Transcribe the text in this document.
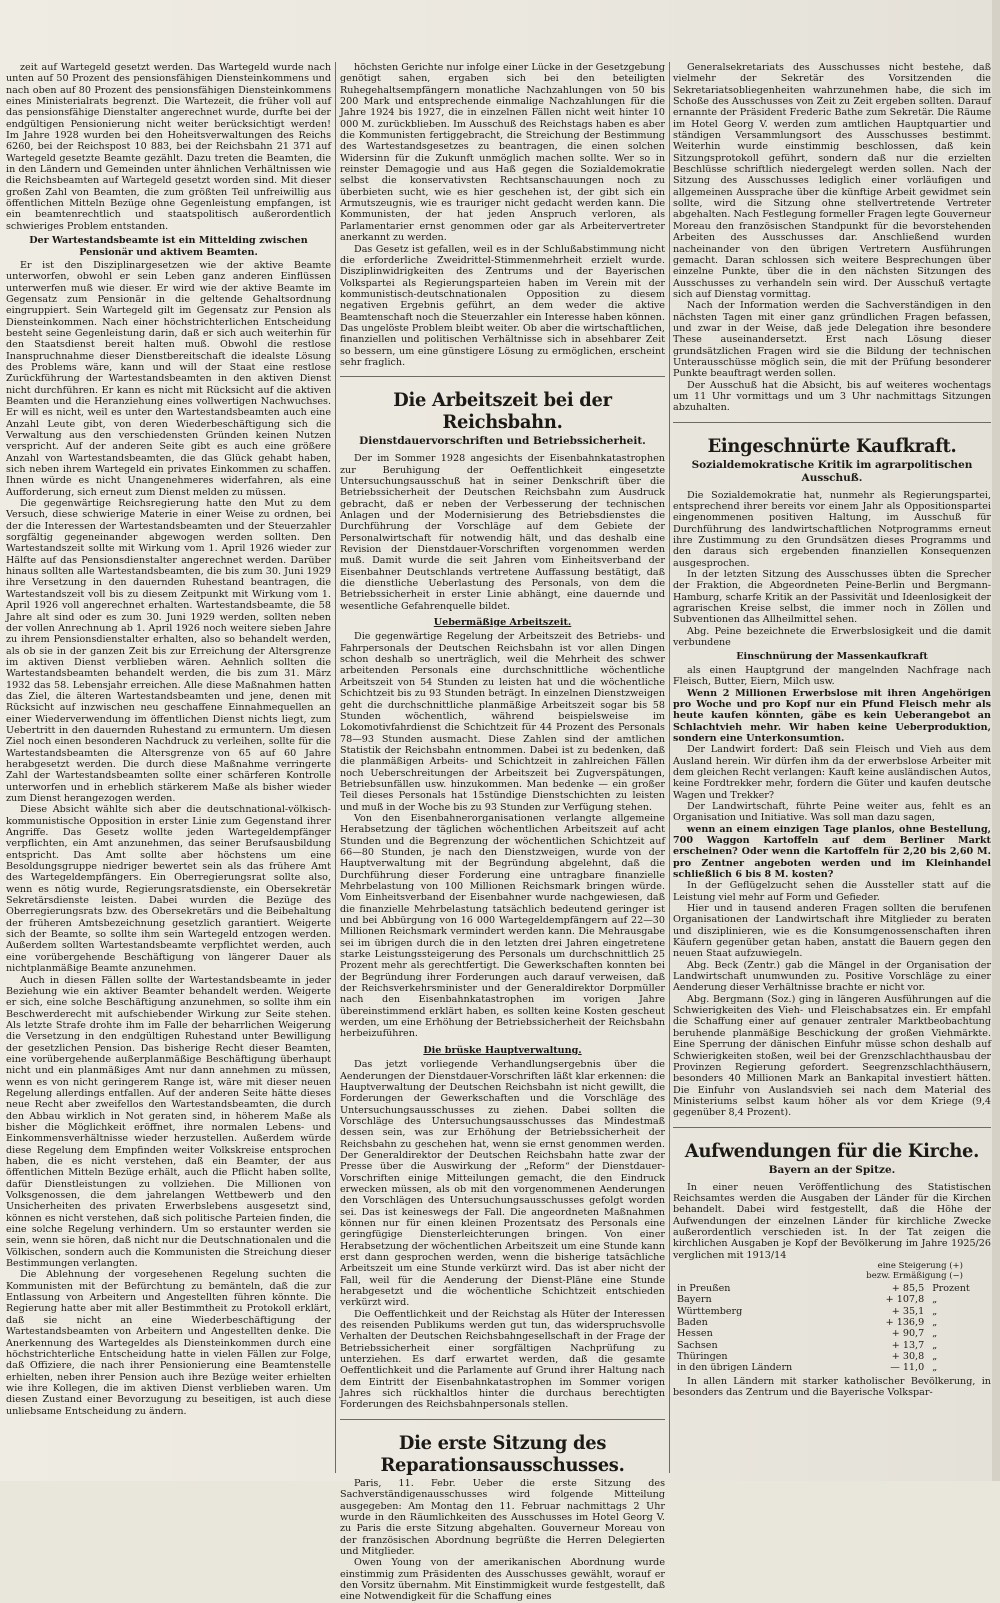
zeit auf Wartegeld gesetzt werden. Das Wartegeld wurde nach unten auf 50 Prozent des pensionsfähigen Diensteinkommens und nach oben auf 80 Prozent des pensionsfähigen Diensteinkommens eines Ministerialrats begrenzt. Die Wartezeit, die früher voll auf das pensionsfähige Dienstalter angerechnet wurde, durfte bei der endgültigen Pensionierung nicht weiter berücksichtigt werden! Im Jahre 1928 wurden bei den Hoheitsverwaltungen des Reichs 6260, bei der Reichspost 10 883, bei der Reichsbahn 21 371 auf Wartegeld gesetzte Beamte gezählt. Dazu treten die Beamten, die in den Ländern und Gemeinden unter ähnlichen Verhältnissen wie die Reichsbeamten auf Wartegeld gesetzt worden sind. Mit dieser großen Zahl von Beamten, die zum größten Teil unfreiwillig aus öffentlichen Mitteln Bezüge ohne Gegenleistung empfangen, ist ein beamtenrechtlich und staatspolitisch außerordentlich schwieriges Problem entstanden.

Der Wartestandsbeamte ist ein Mittelding zwischen Pensionär und aktivem Beamten.

Er ist den Disziplinargesetzen wie der aktive Beamte unterworfen, obwohl er sein Leben ganz anderen Einflüssen unterwerfen muß wie dieser. Er wird wie der aktive Beamte im Gegensatz zum Pensionär in die geltende Gehaltsordnung eingruppiert. Sein Wartegeld gilt im Gegensatz zur Pension als Diensteinkommen. Nach einer höchstrichterlichen Entscheidung besteht seine Gegenleistung darin, daß er sich auch weiterhin für den Staatsdienst bereit halten muß. Obwohl die restlose Inanspruchnahme dieser Dienstbereitschaft die idealste Lösung des Problems wäre, kann und will der Staat eine restlose Zurückführung der Wartestandsbeamten in den aktiven Dienst nicht durchführen. Er kann es nicht mit Rücksicht auf die aktiven Beamten und die Heranziehung eines vollwertigen Nachwuchses. Er will es nicht, weil es unter den Wartestandsbeamten auch eine Anzahl Leute gibt, von deren Wiederbeschäftigung sich die Verwaltung aus den verschiedensten Gründen keinen Nutzen verspricht. Auf der anderen Seite gibt es auch eine größere Anzahl von Wartestandsbeamten, die das Glück gehabt haben, sich neben ihrem Wartegeld ein privates Einkommen zu schaffen. Ihnen würde es nicht Unangenehmeres widerfahren, als eine Aufforderung, sich erneut zum Dienst melden zu müssen.

Die gegenwärtige Reichsregierung hatte den Mut zu dem Versuch, diese schwierige Materie in einer Weise zu ordnen, bei der die Interessen der Wartestandsbeamten und der Steuerzahler sorgfältig gegeneinander abgewogen werden sollten. Den Wartestandszeit sollte mit Wirkung vom 1. April 1926 wieder zur Hälfte auf das Pensionsdienstalter angerechnet werden. Darüber hinaus sollten alle Wartestandsbeamten, die bis zum 30. Juni 1929 ihre Versetzung in den dauernden Ruhestand beantragen, die Wartestandszeit voll bis zu diesem Zeitpunkt mit Wirkung vom 1. April 1926 voll angerechnet erhalten. Wartestandsbeamte, die 58 Jahre alt sind oder es zum 30. Juni 1929 werden, sollten neben der vollen Anrechnung ab 1. April 1926 noch weitere sieben Jahre zu ihrem Pensionsdienstalter erhalten, also so behandelt werden, als ob sie in der ganzen Zeit bis zur Erreichung der Altersgrenze im aktiven Dienst verblieben wären. Aehnlich sollten die Wartestandsbeamten behandelt werden, die bis zum 31. März 1932 das 58. Lebensjahr erreichen. Alle diese Maßnahmen hatten das Ziel, die älteren Wartestandsbeamten und jene, denen mit Rücksicht auf inzwischen neu geschaffene Einnahmequellen an einer Wiederverwendung im öffentlichen Dienst nichts liegt, zum Uebertritt in den dauernden Ruhestand zu ermuntern. Um diesen Ziel noch einen besonderen Nachdruck zu verleihen, sollte für die Wartestandsbeamten die Altersgrenze von 65 auf 60 Jahre herabgesetzt werden. Die durch diese Maßnahme verringerte Zahl der Wartestandsbeamten sollte einer schärferen Kontrolle unterworfen und in erheblich stärkerem Maße als bisher wieder zum Dienst herangezogen werden.

Diese Absicht wählte sich aber die deutschnational-völkisch-kommunistische Opposition in erster Linie zum Gegenstand ihrer Angriffe. Das Gesetz wollte jeden Wartegeldempfänger verpflichten, ein Amt anzunehmen, das seiner Berufsausbildung entspricht. Das Amt sollte aber höchstens um eine Besoldungsgruppe niedriger bewertet sein als das frühere Amt des Wartegeldempfängers. Ein Oberregierungsrat sollte also, wenn es nötig wurde, Regierungsratsdienste, ein Obersekretär Sekretärsdienste leisten. Dabei wurden die Bezüge des Oberregierungsrats bzw. des Obersekretärs und die Beibehaltung der früheren Amtsbezeichnung gesetzlich garantiert. Weigerte sich der Beamte, so sollte ihm sein Wartegeld entzogen werden. Außerdem sollten Wartestandsbeamte verpflichtet werden, auch eine vorübergehende Beschäftigung von längerer Dauer als nichtplanmäßige Beamte anzunehmen.

Auch in diesen Fällen sollte der Wartestandsbeamte in jeder Beziehung wie ein aktiver Beamter behandelt werden. Weigerte er sich, eine solche Beschäftigung anzunehmen, so sollte ihm ein Beschwerderecht mit aufschiebender Wirkung zur Seite stehen. Als letzte Strafe drohte ihm im Falle der beharrlichen Weigerung die Versetzung in den endgültigen Ruhestand unter Bewilligung der gesetzlichen Pension. Das bisherige Recht dieser Beamten, eine vorübergehende außerplanmäßige Beschäftigung überhaupt nicht und ein planmäßiges Amt nur dann annehmen zu müssen, wenn es von nicht geringerem Range ist, wäre mit dieser neuen Regelung allerdings entfallen. Auf der anderen Seite hätte dieses neue Recht aber zweifellos den Wartestandsbeamten, die durch den Abbau wirklich in Not geraten sind, in höherem Maße als bisher die Möglichkeit eröffnet, ihre normalen Lebens- und Einkommensverhältnisse wieder herzustellen. Außerdem würde diese Regelung dem Empfinden weiter Volkskreise entsprochen haben, die es nicht verstehen, daß ein Beamter, der aus öffentlichen Mitteln Bezüge erhält, auch die Pflicht haben sollte, dafür Dienstleistungen zu vollziehen. Die Millionen von Volksgenossen, die dem jahrelangen Wettbewerb und den Unsicherheiten des privaten Erwerbslebens ausgesetzt sind, können es nicht verstehen, daß sich politische Parteien finden, die eine solche Regelung verhindern. Um so erstaunter werden sie sein, wenn sie hören, daß nicht nur die Deutschnationalen und die Völkischen, sondern auch die Kommunisten die Streichung dieser Bestimmungen verlangten.

Die Ablehnung der vorgesehenen Regelung suchten die Kommunisten mit der Befürchtung zu bemänteln, daß die zur Entlassung von Arbeitern und Angestellten führen könnte. Die Regierung hatte aber mit aller Bestimmtheit zu Protokoll erklärt, daß sie nicht an eine Wiederbeschäftigung der Wartestandsbeamten von Arbeitern und Angestellten denke. Die Anerkennung des Wartegeldes als Diensteinkommen durch eine höchstrichterliche Entscheidung hatte in vielen Fällen zur Folge, daß Offiziere, die nach ihrer Pensionierung eine Beamtenstelle erhielten, neben ihrer Pension auch ihre Bezüge weiter erhielten wie ihre Kollegen, die im aktiven Dienst verblieben waren. Um diesen Zustand einer Bevorzugung zu beseitigen, ist auch diese unliebsame Entscheidung zu ändern.

höchsten Gerichte nur infolge einer Lücke in der Gesetzgebung genötigt sahen, ergaben sich bei den beteiligten Ruhegehaltsempfängern monatliche Nachzahlungen von 50 bis 200 Mark und entsprechende einmalige Nachzahlungen für die Jahre 1924 bis 1927, die in einzelnen Fällen nicht weit hinter 10 000 M. zurückblieben. Im Ausschuß des Reichstags haben es aber die Kommunisten fertiggebracht, die Streichung der Bestimmung des Wartestandsgesetzes zu beantragen, die einen solchen Widersinn für die Zukunft unmöglich machen sollte. Wer so in reinster Demagogie und aus Haß gegen die Sozialdemokratie selbst die konservativsten Rechtsanschauungen noch zu überbieten sucht, wie es hier geschehen ist, der gibt sich ein Armutszeugnis, wie es trauriger nicht gedacht werden kann. Die Kommunisten, der hat jeden Anspruch verloren, als Parlamentarier ernst genommen oder gar als Arbeitervertreter anerkannt zu werden.

Das Gesetz ist gefallen, weil es in der Schlußabstimmung nicht die erforderliche Zweidrittel-Stimmenmehrheit erzielt wurde. Disziplinwidrigkeiten des Zentrums und der Bayerischen Volkspartei als Regierungsparteien haben im Verein mit der kommunistisch-deutschnationalen Opposition zu diesem negativen Ergebnis geführt, an dem weder die aktive Beamtenschaft noch die Steuerzahler ein Interesse haben können. Das ungelöste Problem bleibt weiter. Ob aber die wirtschaftlichen, finanziellen und politischen Verhältnisse sich in absehbarer Zeit so bessern, um eine günstigere Lösung zu ermöglichen, erscheint sehr fraglich.

Die Arbeitszeit bei der Reichsbahn.
Dienstdauervorschriften und Betriebssicherheit.

Der im Sommer 1928 angesichts der Eisenbahnkatastrophen zur Beruhigung der Oeffentlichkeit eingesetzte Untersuchungsausschuß hat in seiner Denkschrift über die Betriebssicherheit der Deutschen Reichsbahn zum Ausdruck gebracht, daß er neben der Verbesserung der technischen Anlagen und der Modernisierung des Betriebsdienstes die Durchführung der Vorschläge auf dem Gebiete der Personalwirtschaft für notwendig hält, und das deshalb eine Revision der Dienstdauer-Vorschriften vorgenommen werden muß. Damit wurde die seit Jahren vom Einheitsverband der Eisenbahner Deutschlands vertretene Auffassung bestätigt, daß die dienstliche Ueberlastung des Personals, von dem die Betriebssicherheit in erster Linie abhängt, eine dauernde und wesentliche Gefahrenquelle bildet.

Uebermäßige Arbeitszeit.

Die gegenwärtige Regelung der Arbeitszeit des Betriebs- und Fahrpersonals der Deutschen Reichsbahn ist vor allen Dingen schon deshalb so unerträglich, weil die Mehrheit des schwer arbeitenden Personals eine durchschnittliche wöchentliche Arbeitszeit von 54 Stunden zu leisten hat und die wöchentliche Schichtzeit bis zu 93 Stunden beträgt. In einzelnen Dienstzweigen geht die durchschnittliche planmäßige Arbeitszeit sogar bis 58 Stunden wöchentlich, während beispielsweise im Lokomotivfahrdienst die Schichtzeit für 44 Prozent des Personals 78—93 Stunden ausmacht. Diese Zahlen sind der amtlichen Statistik der Reichsbahn entnommen. Dabei ist zu bedenken, daß die planmäßigen Arbeits- und Schichtzeit in zahlreichen Fällen noch Ueberschreitungen der Arbeitszeit bei Zugverspätungen, Betriebsunfällen usw. hinzukommen. Man bedenke — ein großer Teil dieses Personals hat 15stündige Dienstschichten zu leisten und muß in der Woche bis zu 93 Stunden zur Verfügung stehen.

Von den Eisenbahnerorganisationen verlangte allgemeine Herabsetzung der täglichen wöchentlichen Arbeitszeit auf acht Stunden und die Begrenzung der wöchentlichen Schichtzeit auf 66—80 Stunden, je nach den Dienstzweigen, wurde von der Hauptverwaltung mit der Begründung abgelehnt, daß die Durchführung dieser Forderung eine untragbare finanzielle Mehrbelastung von 100 Millionen Reichsmark bringen würde. Vom Einheitsverband der Eisenbahner wurde nachgewiesen, daß die finanzielle Mehrbelastung tatsächlich bedeutend geringer ist und bei Abbürgung von 16 000 Wartegeldempfängern auf 22—30 Millionen Reichsmark vermindert werden kann. Die Mehrausgabe sei im übrigen durch die in den letzten drei Jahren eingetretene starke Leistungssteigerung des Personals um durchschnittlich 25 Prozent mehr als gerechtfertigt. Die Gewerkschaften konnten bei der Begründung ihrer Forderungen auch darauf verweisen, daß der Reichsverkehrsminister und der Generaldirektor Dorpmüller nach den Eisenbahnkatastrophen im vorigen Jahre übereinstimmend erklärt haben, es sollten keine Kosten gescheut werden, um eine Erhöhung der Betriebssicherheit der Reichsbahn herbeizuführen.

Die brüske Hauptverwaltung.

Das jetzt vorliegende Verhandlungsergebnis über die Aenderungen der Dienstdauer-Vorschriften läßt klar erkennen: die Hauptverwaltung der Deutschen Reichsbahn ist nicht gewillt, die Forderungen der Gewerkschaften und die Vorschläge des Untersuchungsausschusses zu ziehen. Dabei sollten die Vorschläge des Untersuchungsausschusses das Mindestmaß dessen sein, was zur Erhöhung der Betriebssicherheit der Reichsbahn zu geschehen hat, wenn sie ernst genommen werden. Der Generaldirektor der Deutschen Reichsbahn hatte zwar der Presse über die Auswirkung der „Reform“ der Dienstdauer-Vorschriften einige Mitteilungen gemacht, die den Eindruck erwecken müssen, als ob mit den vorgenommenen Aenderungen den Vorschlägen des Untersuchungsausschusses gefolgt worden sei. Das ist keineswegs der Fall. Die angeordneten Maßnahmen können nur für einen kleinen Prozentsatz des Personals eine geringfügige Diensterleichterungen bringen. Von einer Herabsetzung der wöchentlichen Arbeitszeit um eine Stunde kann erst dann gesprochen werden, wenn die bisherige tatsächliche Arbeitszeit um eine Stunde verkürzt wird. Das ist aber nicht der Fall, weil für die Aenderung der Dienst-Pläne eine Stunde herabgesetzt und die wöchentliche Schichtzeit entschieden verkürzt wird.

Die Oeffentlichkeit und der Reichstag als Hüter der Interessen des reisenden Publikums werden gut tun, das widerspruchsvolle Verhalten der Deutschen Reichsbahngesellschaft in der Frage der Betriebssicherheit einer sorgfältigen Nachprüfung zu unterziehen. Es darf erwartet werden, daß die gesamte Oeffentlichkeit und die Parlamente auf Grund ihrer Haltung nach dem Eintritt der Eisenbahnkatastrophen im Sommer vorigen Jahres sich rückhaltlos hinter die durchaus berechtigten Forderungen des Reichsbahnpersonals stellen.

Die erste Sitzung des Reparationsausschusses.

Paris, 11. Febr. Ueber die erste Sitzung des Sachverständigenausschusses wird folgende Mitteilung ausgegeben: Am Montag den 11. Februar nachmittags 2 Uhr wurde in den Räumlichkeiten des Ausschusses im Hotel Georg V. zu Paris die erste Sitzung abgehalten. Gouverneur Moreau von der französischen Abordnung begrüßte die Herren Delegierten und Mitglieder.

Owen Young von der amerikanischen Abordnung wurde einstimmig zum Präsidenten des Ausschusses gewählt, worauf er den Vorsitz übernahm. Mit Einstimmigkeit wurde festgestellt, daß eine Notwendigkeit für die Schaffung eines

Generalsekretariats des Ausschusses nicht bestehe, daß vielmehr der Sekretär des Vorsitzenden die Sekretariatsobliegenheiten wahrzunehmen habe, die sich im Schoße des Ausschusses von Zeit zu Zeit ergeben sollten. Darauf ernannte der Präsident Frederic Bathe zum Sekretär. Die Räume im Hotel Georg V. werden zum amtlichen Hauptquartier und ständigen Versammlungsort des Ausschusses bestimmt. Weiterhin wurde einstimmig beschlossen, daß kein Sitzungsprotokoll geführt, sondern daß nur die erzielten Beschlüsse schriftlich niedergelegt werden sollen. Nach der Sitzung des Ausschusses lediglich einer vorläufigen und allgemeinen Aussprache über die künftige Arbeit gewidmet sein sollte, wird die Sitzung ohne stellvertretende Vertreter abgehalten. Nach Festlegung formeller Fragen legte Gouverneur Moreau den französischen Standpunkt für die bevorstehenden Arbeiten des Ausschusses dar. Anschließend wurden nacheinander von den übrigen Vertretern Ausführungen gemacht. Daran schlossen sich weitere Besprechungen über einzelne Punkte, über die in den nächsten Sitzungen des Ausschusses zu verhandeln sein wird. Der Ausschuß vertagte sich auf Dienstag vormittag.

Nach der Information werden die Sachverständigen in den nächsten Tagen mit einer ganz gründlichen Fragen befassen, und zwar in der Weise, daß jede Delegation ihre besondere These auseinandersetzt. Erst nach Lösung dieser grundsätzlichen Fragen wird sie die Bildung der technischen Unterausschüsse möglich sein, die mit der Prüfung besonderer Punkte beauftragt werden sollen.

Der Ausschuß hat die Absicht, bis auf weiteres wochentags um 11 Uhr vormittags und um 3 Uhr nachmittags Sitzungen abzuhalten.

Eingeschnürte Kaufkraft.
Sozialdemokratische Kritik im agrarpolitischen Ausschuß.

Die Sozialdemokratie hat, nunmehr als Regierungspartei, entsprechend ihrer bereits vor einem Jahr als Oppositionspartei eingenommenen positiven Haltung, im Ausschuß für Durchführung des landwirtschaftlichen Notprogramms erneut ihre Zustimmung zu den Grundsätzen dieses Programms und den daraus sich ergebenden finanziellen Konsequenzen ausgesprochen.

In der letzten Sitzung des Ausschusses übten die Sprecher der Fraktion, die Abgeordneten Peine-Berlin und Bergmann-Hamburg, scharfe Kritik an der Passivität und Ideenlosigkeit der agrarischen Kreise selbst, die immer noch in Zöllen und Subventionen das Allheilmittel sehen.

Abg. Peine bezeichnete die Erwerbslosigkeit und die damit verbundene

Einschnürung der Massenkaufkraft

als einen Hauptgrund der mangelnden Nachfrage nach Fleisch, Butter, Eiern, Milch usw.

Wenn 2 Millionen Erwerbslose mit ihren Angehörigen pro Woche und pro Kopf nur ein Pfund Fleisch mehr als heute kaufen könnten, gäbe es kein Ueberangebot an Schlachtvieh mehr. Wir haben keine Ueberproduktion, sondern eine Unterkonsumtion.

Der Landwirt fordert: Daß sein Fleisch und Vieh aus dem Ausland herein. Wir dürfen ihm da der erwerbslose Arbeiter mit dem gleichen Recht verlangen: Kauft keine ausländischen Autos, keine Fordtrekker mehr, fordern die Güter und kaufen deutsche Wagen und Trekker?

Der Landwirtschaft, führte Peine weiter aus, fehlt es an Organisation und Initiative. Was soll man dazu sagen,

wenn an einem einzigen Tage planlos, ohne Bestellung, 700 Waggon Kartoffeln auf dem Berliner Markt erscheinen? Oder wenn die Kartoffeln für 2,20 bis 2,60 M. pro Zentner angeboten werden und im Kleinhandel schließlich 6 bis 8 M. kosten?

In der Geflügelzucht sehen die Aussteller statt auf die Leistung viel mehr auf Form und Gefieder.

Hier und in tausend anderen Fragen sollten die berufenen Organisationen der Landwirtschaft ihre Mitglieder zu beraten und disziplinieren, wie es die Konsumgenossenschaften ihren Käufern gegenüber getan haben, anstatt die Bauern gegen den neuen Staat aufzuwiegeln.

Abg. Beck (Zentr.) gab die Mängel in der Organisation der Landwirtschaft unumwunden zu. Positive Vorschläge zu einer Aenderung dieser Verhältnisse brachte er nicht vor.

Abg. Bergmann (Soz.) ging in längeren Ausführungen auf die Schwierigkeiten des Vieh- und Fleischabsatzes ein. Er empfahl die Schaffung einer auf genauer zentraler Marktbeobachtung beruhende planmäßige Beschickung der großen Viehmärkte. Eine Sperrung der dänischen Einfuhr müsse schon deshalb auf Schwierigkeiten stoßen, weil bei der Grenzschlachthausbau der Provinzen Regierung gefordert. Seegrenzschlachthäusern, besonders 40 Millionen Mark an Bankapital investiert hätten. Die Einfuhr von Auslandsvieh sei nach dem Material des Ministeriums selbst kaum höher als vor dem Kriege (9,4 gegenüber 8,4 Prozent).

Aufwendungen für die Kirche.
Bayern an der Spitze.

In einer neuen Veröffentlichung des Statistischen Reichsamtes werden die Ausgaben der Länder für die Kirchen behandelt. Dabei wird festgestellt, daß die Höhe der Aufwendungen der einzelnen Länder für kirchliche Zwecke außerordentlich verschieden ist. In der Tat zeigen die kirchlichen Ausgaben je Kopf der Bevölkerung im Jahre 1925/26 verglichen mit 1913/14

eine Steigerung (+)
bezw. Ermäßigung (−)
in Preußen	+ 85,5	Prozent
Bayern	+ 107,8	„
Württemberg	+ 35,1	„
Baden	+ 136,9	„
Hessen	+ 90,7	„
Sachsen	+ 13,7	„
Thüringen	+ 30,8	„
in den übrigen Ländern	— 11,0	„

In allen Ländern mit starker katholischer Bevölkerung, in besonders das Zentrum und die Bayerische Volkspar-
